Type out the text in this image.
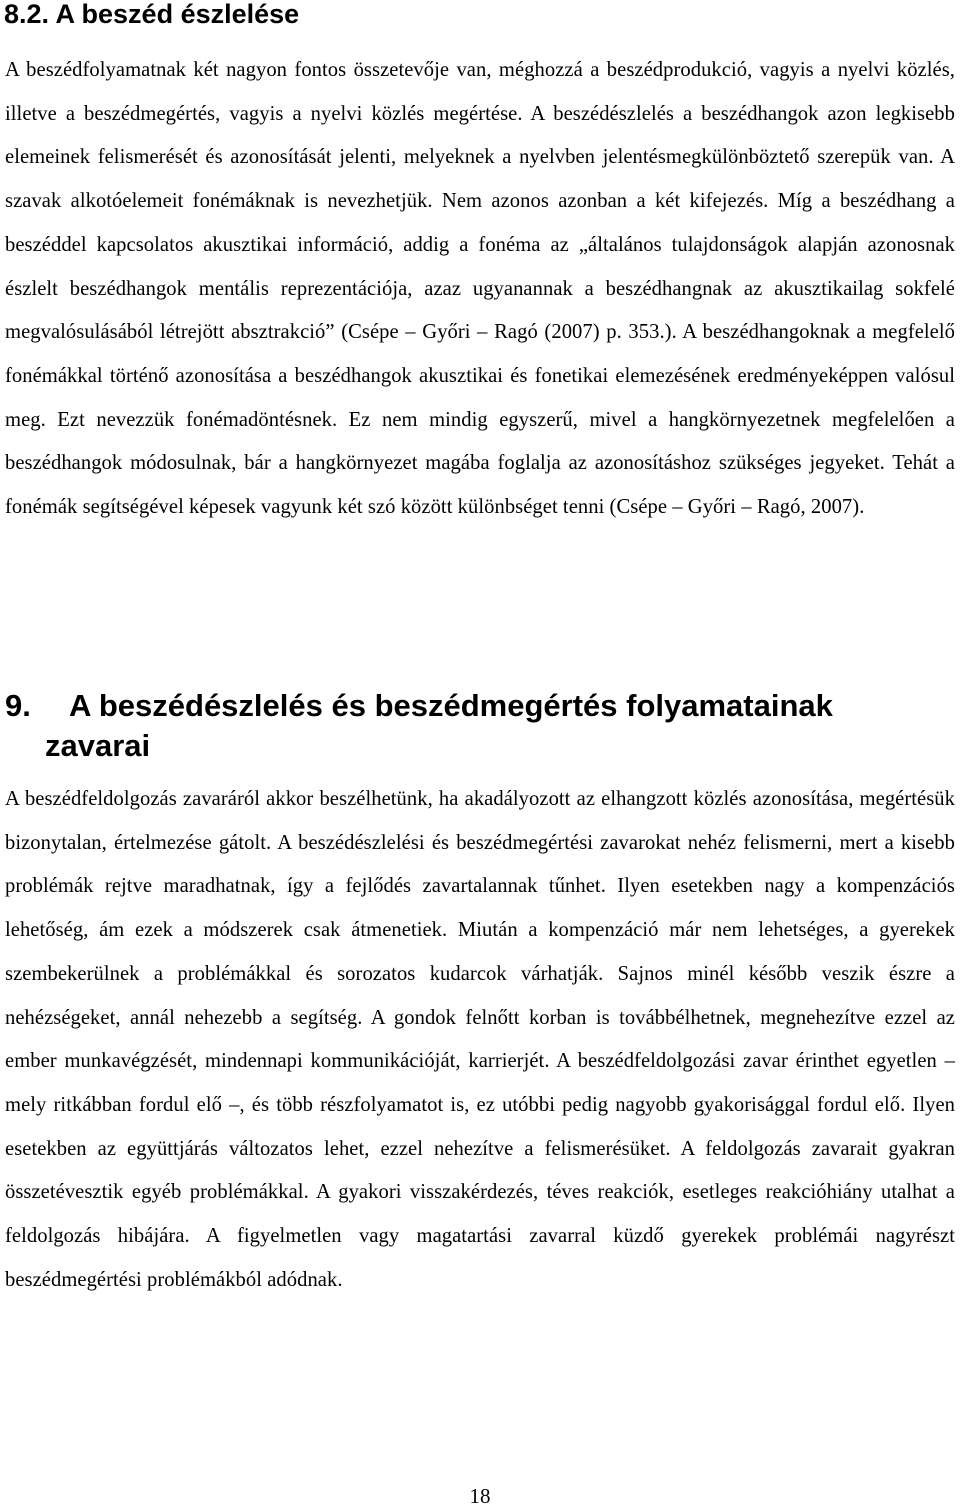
8.2. A beszéd észlelése

A beszédfolyamatnak két nagyon fontos összetevője van, méghozzá a beszédprodukció, vagyis a nyelvi közlés, illetve a beszédmegértés, vagyis a nyelvi közlés megértése. A beszédészlelés a beszédhangok azon legkisebb elemeinek felismerését és azonosítását jelenti, melyeknek a nyelvben jelentésmegkülönböztető szerepük van. A szavak alkotóelemeit fonémáknak is nevezhetjük. Nem azonos azonban a két kifejezés. Míg a beszédhang a beszéddel kapcsolatos akusztikai információ, addig a fonéma az „általános tulajdonságok alapján azonosnak észlelt beszédhangok mentális reprezentációja, azaz ugyanannak a beszédhangnak az akusztikailag sokfelé megvalósulásából létrejött absztrakció” (Csépe – Győri – Ragó (2007) p. 353.). A beszédhangoknak a megfelelő fonémákkal történő azonosítása a beszédhangok akusztikai és fonetikai elemezésének eredményeképpen valósul meg. Ezt nevezzük fonémadöntésnek. Ez nem mindig egyszerű, mivel a hangkörnyezetnek megfelelően a beszédhangok módosulnak, bár a hangkörnyezet magába foglalja az azonosításhoz szükséges jegyeket. Tehát a fonémák segítségével képesek vagyunk két szó között különbséget tenni (Csépe – Győri – Ragó, 2007).

9. A beszédészlelés és beszédmegértés folyamatainak
zavarai

A beszédfeldolgozás zavaráról akkor beszélhetünk, ha akadályozott az elhangzott közlés azonosítása, megértésük bizonytalan, értelmezése gátolt. A beszédészlelési és beszédmegértési zavarokat nehéz felismerni, mert a kisebb problémák rejtve maradhatnak, így a fejlődés zavartalannak tűnhet. Ilyen esetekben nagy a kompenzációs lehetőség, ám ezek a módszerek csak átmenetiek. Miután a kompenzáció már nem lehetséges, a gyerekek szembekerülnek a problémákkal és sorozatos kudarcok várhatják. Sajnos minél később veszik észre a nehézségeket, annál nehezebb a segítség. A gondok felnőtt korban is továbbélhetnek, megnehezítve ezzel az ember munkavégzését, mindennapi kommunikációját, karrierjét. A beszédfeldolgozási zavar érinthet egyetlen – mely ritkábban fordul elő –, és több részfolyamatot is, ez utóbbi pedig nagyobb gyakorisággal fordul elő. Ilyen esetekben az együttjárás változatos lehet, ezzel nehezítve a felismerésüket. A feldolgozás zavarait gyakran összetévesztik egyéb problémákkal. A gyakori visszakérdezés, téves reakciók, esetleges reakcióhiány utalhat a feldolgozás hibájára. A figyelmetlen vagy magatartási zavarral küzdő gyerekek problémái nagyrészt beszédmegértési problémákból adódnak.

18
